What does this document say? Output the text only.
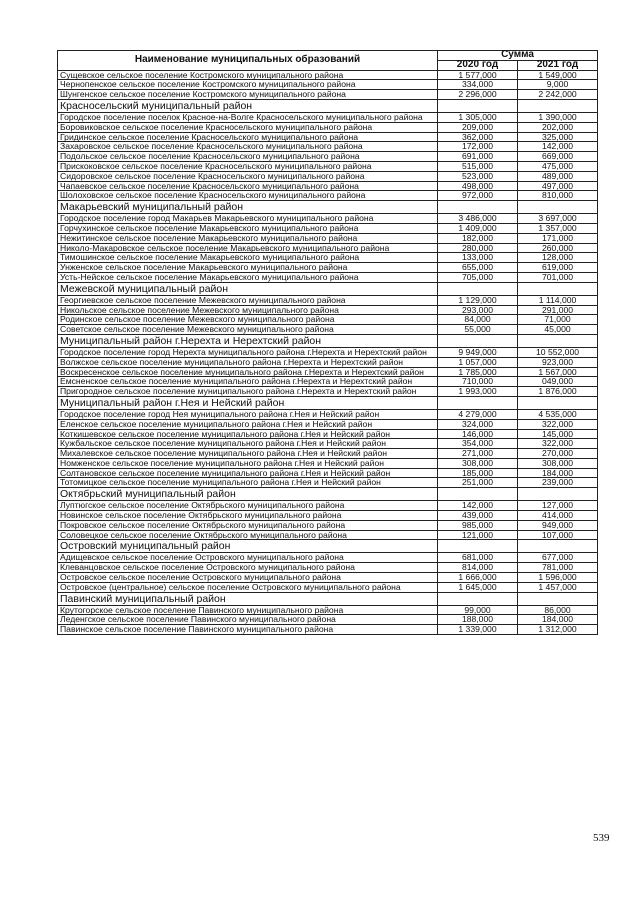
Наименование муниципальных образований	Сумма	
	2020 год	2021 год
Сущевское сельское поселение Костромского муниципального района	1 577,000	1 549,000
Чернопенское сельское поселение Костромского муниципального района	334,000	9,000
Шунгенское сельское поселение Костромского муниципального района	2 296,000	2 242,000
Красносельский муниципальный район		
Городское поселение поселок Красное-на-Волге Красносельского муниципального района	1 305,000	1 390,000
Боровиковское сельское поселение Красносельского муниципального района	209,000	202,000
Гридинское сельское поселение Красносельского муниципального района	362,000	325,000
Захаровское сельское поселение Красносельского муниципального района	172,000	142,000
Подольское сельское поселение Красносельского муниципального района	691,000	669,000
Прискоковское сельское поселение Красносельского муниципального района	515,000	475,000
Сидоровское сельское поселение Красносельского муниципального района	523,000	489,000
Чапаевское сельское поселение Красносельского муниципального района	498,000	497,000
Шолоховское сельское поселение Красносельского муниципального района	972,000	810,000
Макарьевский муниципальный район		
Городское поселение город Макарьев Макарьевского муниципального района	3 486,000	3 697,000
Горчухинское сельское поселение Макарьевского муниципального района	1 409,000	1 357,000
Нежитинское сельское поселение Макарьевского муниципального района	182,000	171,000
Николо-Макаровское сельское поселение Макарьевского муниципального района	280,000	260,000
Тимошинское сельское поселение Макарьевского муниципального района	133,000	128,000
Унженское сельское поселение Макарьевского муниципального района	655,000	619,000
Усть-Нейское сельское поселение Макарьевского муниципального района	705,000	701,000
Межевской муниципальный район		
Георгиевское сельское поселение Межевского муниципального района	1 129,000	1 114,000
Никольское сельское поселение Межевского муниципального района	293,000	291,000
Родинское сельское поселение Межевского муниципального района	84,000	71,000
Советское сельское поселение Межевского муниципального района	55,000	45,000
Муниципальный район г.Нерехта и Нерехтский район		
Городское поселение город Нерехта муниципального района г.Нерехта и Нерехтский район	9 949,000	10 552,000
Волжское сельское поселение муниципального района г.Нерехта и Нерехтский район	1 057,000	923,000
Воскресенское сельское поселение муниципального района г.Нерехта и Нерехтский район	1 785,000	1 567,000
Емсненское сельское поселение муниципального района г.Нерехта и Нерехтский район	710,000	049,000
Пригородное сельское поселение муниципального района г.Нерехта и Нерехтский район	1 993,000	1 876,000
Муниципальный район г.Нея и Нейский район		
Городское поселение город Нея муниципального района г.Нея и Нейский район	4 279,000	4 535,000
Еленское сельское поселение муниципального района г.Нея и Нейский район	324,000	322,000
Коткишевское сельское поселение муниципального района г.Нея и Нейский район	146,000	145,000
Кужбальское сельское поселение муниципального района г.Нея и Нейский район	354,000	322,000
Михалевское сельское поселение муниципального района г.Нея и Нейский район	271,000	270,000
Номженское сельское поселение муниципального района г.Нея и Нейский район	308,000	308,000
Солтановское сельское поселение муниципального района г.Нея и Нейский район	185,000	184,000
Тотомицкое сельское поселение муниципального района г.Нея и Нейский район	251,000	239,000
Октябрьский муниципальный район		
Луптюгское сельское поселение Октябрьского муниципального района	142,000	127,000
Новинское сельское поселение Октябрьского муниципального района	439,000	414,000
Покровское сельское поселение Октябрьского муниципального района	985,000	949,000
Соловецкое сельское поселение Октябрьского муниципального района	121,000	107,000
Островский муниципальный район		
Адищевское сельское поселение Островского муниципального района	681,000	677,000
Клеванцовское сельское поселение Островского муниципального района	814,000	781,000
Островское сельское поселение Островского муниципального района	1 666,000	1 596,000
Островское (центральное) сельское поселение Островского муниципального района	1 645,000	1 457,000
Павинский муниципальный район		
Крутогорское сельское поселение Павинского муниципального района	99,000	86,000
Леденгское сельское поселение Павинского муниципального района	188,000	184,000
Павинское сельское поселение Павинского муниципального района	1 339,000	1 312,000
539
